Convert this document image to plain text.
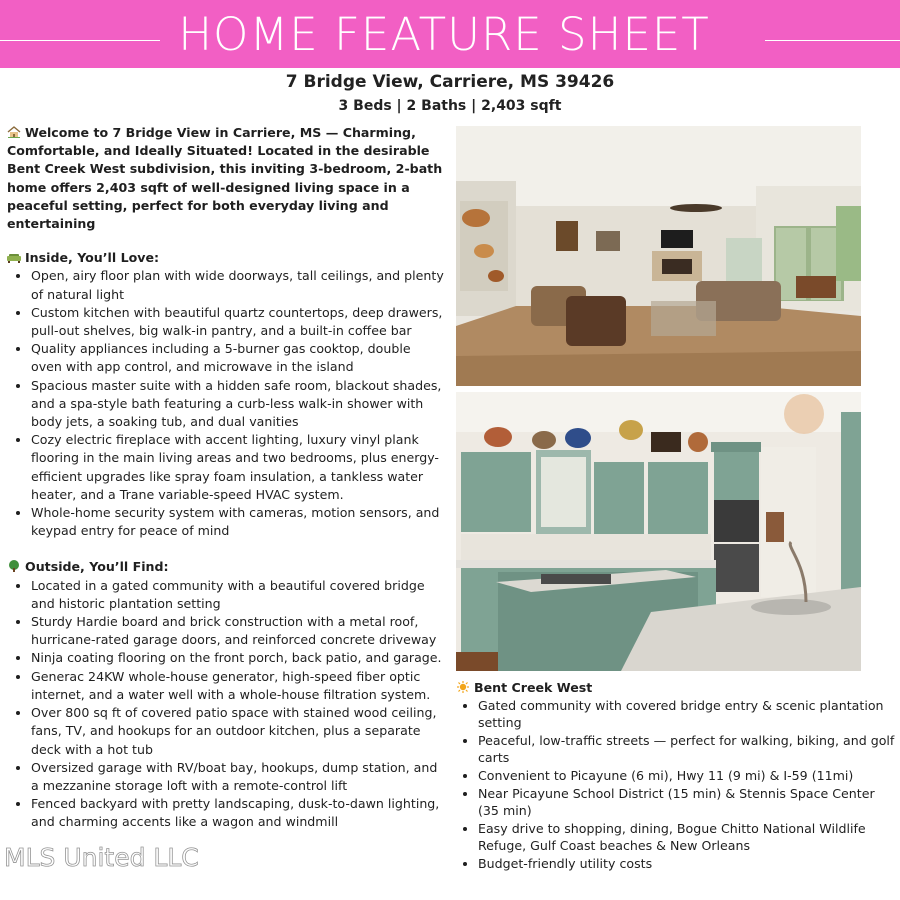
HOME FEATURE SHEET
7 Bridge View, Carriere, MS 39426
3 Beds | 2 Baths | 2,403 sqft

Welcome to 7 Bridge View in Carriere, MS — Charming, Comfortable, and Ideally Situated! Located in the desirable Bent Creek West subdivision, this inviting 3-bedroom, 2-bath home offers 2,403 sqft of well-designed living space in a peaceful setting, perfect for both everyday living and entertaining

Inside, You’ll Love:
• Open, airy floor plan with wide doorways, tall ceilings, and plenty of natural light
• Custom kitchen with beautiful quartz countertops, deep drawers, pull-out shelves, big walk-in pantry, and a built-in coffee bar
• Quality appliances including a 5-burner gas cooktop, double oven with app control, and microwave in the island
• Spacious master suite with a hidden safe room, blackout shades, and a spa-style bath featuring a curb-less walk-in shower with body jets, a soaking tub, and dual vanities
• Cozy electric fireplace with accent lighting, luxury vinyl plank flooring in the main living areas and two bedrooms, plus energy-efficient upgrades like spray foam insulation, a tankless water heater, and a Trane variable-speed HVAC system.
• Whole-home security system with cameras, motion sensors, and keypad entry for peace of mind
Outside, You’ll Find:
• Located in a gated community with a beautiful covered bridge and historic plantation setting
• Sturdy Hardie board and brick construction with a metal roof, hurricane-rated garage doors, and reinforced concrete driveway
• Ninja coating flooring on the front porch, back patio, and garage.
• Generac 24KW whole-house generator, high-speed fiber optic internet, and a water well with a whole-house filtration system.
• Over 800 sq ft of covered patio space with stained wood ceiling, fans, TV, and hookups for an outdoor kitchen, plus a separate deck with a hot tub
• Oversized garage with RV/boat bay, hookups, dump station, and a mezzanine storage loft with a remote-control lift
• Fenced backyard with pretty landscaping, dusk-to-dawn lighting, and charming accents like a wagon and windmill
Bent Creek West
• Gated community with covered bridge entry & scenic plantation setting
• Peaceful, low-traffic streets — perfect for walking, biking, and golf carts
• Convenient to Picayune (6 mi), Hwy 11 (9 mi) & I-59 (11mi)
• Near Picayune School District (15 min) & Stennis Space Center (35 min)
• Easy drive to shopping, dining, Bogue Chitto National Wildlife Refuge, Gulf Coast beaches & New Orleans
• Budget-friendly utility costs
MLS United LLC
